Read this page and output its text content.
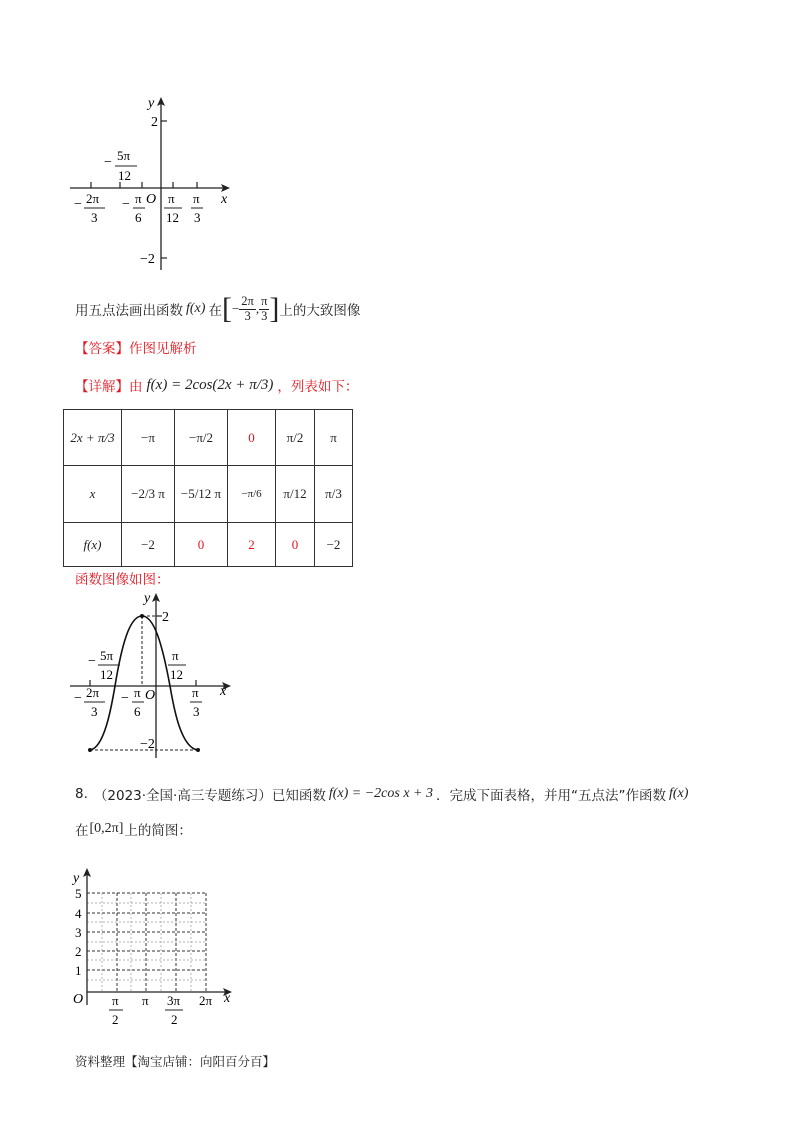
y
x
O
2
−2
− 5π
12
− 2π
3
− π
6
π
12
π
3
用五点法画出函数 f(x) 在 [ − $\frac{2\pi}{3}$ , $\frac{\pi}{3}$ ] 上的大致图像
【答案】作图见解析
【详解】 由 f(x) = 2cos(2x + π/3) ，列表如下：
2x + π/3	−π	−π/2	0	π/2	π
x	−2/3 π	−5/12 π	−π/6	π/12	π/3
f(x)	−2	0	2	0	−2
函数图像如图：
y
x
O
2
−2
− 5π
12
π
12
− 2π
3
− π
6
π
3
8. （2023·全国·高三专题练习） 已知函数 f(x) = −2cos x + 3 ．完成下面表格，并用“五点法”作函数 f(x)
在 [0,2π] 上的简图：
y
x
O
5
4
3
2
1
π
2
π 3π
2
2π
资料整理【淘宝店铺：向阳百分百】
